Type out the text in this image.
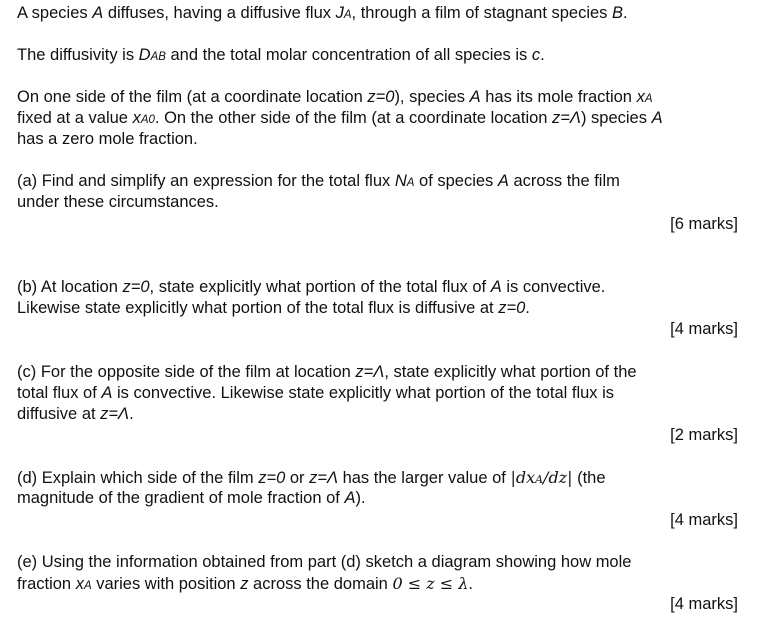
A species A diffuses, having a diffusive flux JA, through a film of stagnant species B.
The diffusivity is DAB and the total molar concentration of all species is c.
On one side of the film (at a coordinate location z=0), species A has its mole fraction xA
fixed at a value xA0. On the other side of the film (at a coordinate location z=Λ) species A
has a zero mole fraction.
(a) Find and simplify an expression for the total flux NA of species A across the film
under these circumstances.
[6 marks]
(b) At location z=0, state explicitly what portion of the total flux of A is convective.
Likewise state explicitly what portion of the total flux is diffusive at z=0.
[4 marks]
(c) For the opposite side of the film at location z=Λ, state explicitly what portion of the
total flux of A is convective. Likewise state explicitly what portion of the total flux is
diffusive at z=Λ.
[2 marks]
(d) Explain which side of the film z=0 or z=Λ has the larger value of |dxA/dz| (the
magnitude of the gradient of mole fraction of A).
[4 marks]
(e) Using the information obtained from part (d) sketch a diagram showing how mole
fraction xA varies with position z across the domain 0 ≤ z ≤ λ.
[4 marks]
